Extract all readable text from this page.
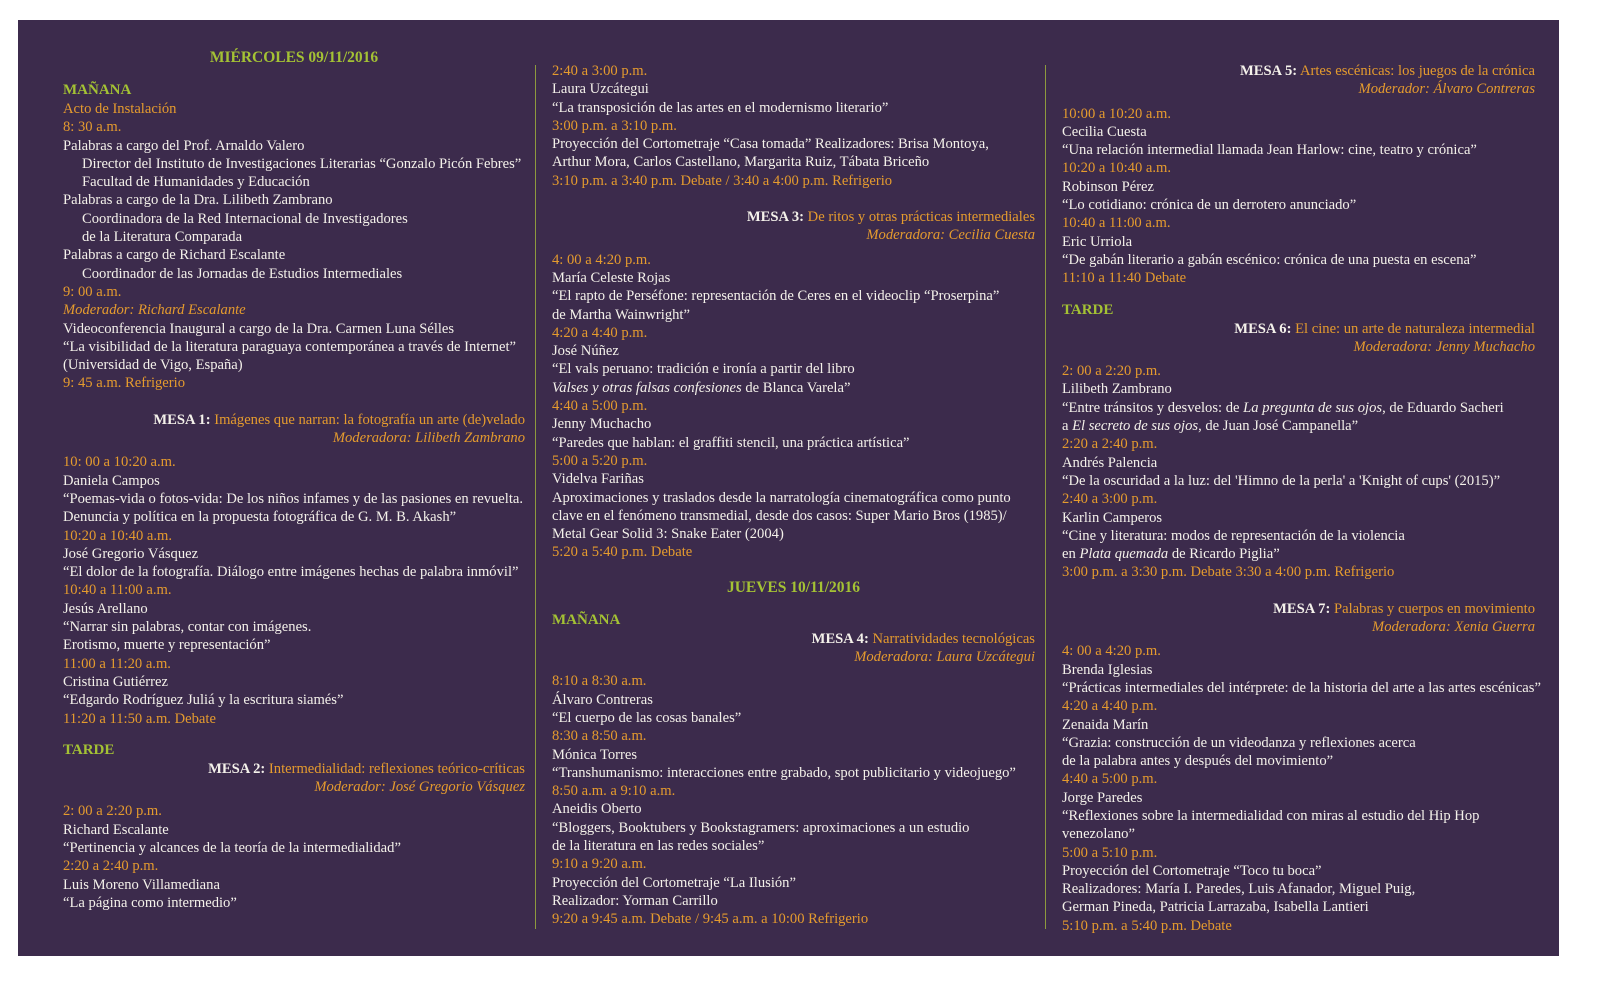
MIÉRCOLES 09/11/2016
MAÑANA
Acto de Instalación
8: 30 a.m.
Palabras a cargo del Prof. Arnaldo Valero
Director del Instituto de Investigaciones Literarias “Gonzalo Picón Febres”
Facultad de Humanidades y Educación
Palabras a cargo de la Dra. Lilibeth Zambrano
Coordinadora de la Red Internacional de Investigadores
de la Literatura Comparada
Palabras a cargo de Richard Escalante
Coordinador de las Jornadas de Estudios Intermediales
9: 00 a.m.
Moderador: Richard Escalante
Videoconferencia Inaugural a cargo de la Dra. Carmen Luna Sélles
“La visibilidad de la literatura paraguaya contemporánea a través de Internet”
(Universidad de Vigo, España)
9: 45 a.m. Refrigerio
MESA 1: Imágenes que narran: la fotografía un arte (de)velado
Moderadora: Lilibeth Zambrano
10: 00 a 10:20 a.m.
Daniela Campos
“Poemas-vida o fotos-vida: De los niños infames y de las pasiones en revuelta.
Denuncia y política en la propuesta fotográfica de G. M. B. Akash”
10:20 a 10:40 a.m.
José Gregorio Vásquez
“El dolor de la fotografía. Diálogo entre imágenes hechas de palabra inmóvil”
10:40 a 11:00 a.m.
Jesús Arellano
“Narrar sin palabras, contar con imágenes.
Erotismo, muerte y representación”
11:00 a 11:20 a.m.
Cristina Gutiérrez
“Edgardo Rodríguez Juliá y la escritura siamés”
11:20 a 11:50 a.m. Debate
TARDE
MESA 2: Intermedialidad: reflexiones teórico-críticas
Moderador: José Gregorio Vásquez
2: 00 a 2:20 p.m.
Richard Escalante
“Pertinencia y alcances de la teoría de la intermedialidad”
2:20 a 2:40 p.m.
Luis Moreno Villamediana
“La página como intermedio”
2:40 a 3:00 p.m.
Laura Uzcátegui
“La transposición de las artes en el modernismo literario”
3:00 p.m. a 3:10 p.m.
Proyección del Cortometraje “Casa tomada” Realizadores: Brisa Montoya,
Arthur Mora, Carlos Castellano, Margarita Ruiz, Tábata Briceño
3:10 p.m. a 3:40 p.m. Debate / 3:40 a 4:00 p.m. Refrigerio
MESA 3: De ritos y otras prácticas intermediales
Moderadora: Cecilia Cuesta
4: 00 a 4:20 p.m.
María Celeste Rojas
“El rapto de Perséfone: representación de Ceres en el videoclip “Proserpina”
de Martha Wainwright”
4:20 a 4:40 p.m.
José Núñez
“El vals peruano: tradición e ironía a partir del libro
Valses y otras falsas confesiones de Blanca Varela”
4:40 a 5:00 p.m.
Jenny Muchacho
“Paredes que hablan: el graffiti stencil, una práctica artística”
5:00 a 5:20 p.m.
Videlva Fariñas
Aproximaciones y traslados desde la narratología cinematográfica como punto
clave en el fenómeno transmedial, desde dos casos: Super Mario Bros (1985)/
Metal Gear Solid 3: Snake Eater (2004)
5:20 a 5:40 p.m. Debate
JUEVES 10/11/2016
MAÑANA
MESA 4: Narratividades tecnológicas
Moderadora: Laura Uzcátegui
8:10 a 8:30 a.m.
Álvaro Contreras
“El cuerpo de las cosas banales”
8:30 a 8:50 a.m.
Mónica Torres
“Transhumanismo: interacciones entre grabado, spot publicitario y videojuego”
8:50 a.m. a 9:10 a.m.
Aneidis Oberto
“Bloggers, Booktubers y Bookstagramers: aproximaciones a un estudio
de la literatura en las redes sociales”
9:10 a 9:20 a.m.
Proyección del Cortometraje “La Ilusión”
Realizador: Yorman Carrillo
9:20 a 9:45 a.m. Debate / 9:45 a.m. a 10:00 Refrigerio
MESA 5: Artes escénicas: los juegos de la crónica
Moderador: Álvaro Contreras
10:00 a 10:20 a.m.
Cecilia Cuesta
“Una relación intermedial llamada Jean Harlow: cine, teatro y crónica”
10:20 a 10:40 a.m.
Robinson Pérez
“Lo cotidiano: crónica de un derrotero anunciado”
10:40 a 11:00 a.m.
Eric Urriola
“De gabán literario a gabán escénico: crónica de una puesta en escena”
11:10 a 11:40 Debate
TARDE
MESA 6: El cine: un arte de naturaleza intermedial
Moderadora: Jenny Muchacho
2: 00 a 2:20 p.m.
Lilibeth Zambrano
“Entre tránsitos y desvelos: de La pregunta de sus ojos, de Eduardo Sacheri
a El secreto de sus ojos, de Juan José Campanella”
2:20 a 2:40 p.m.
Andrés Palencia
“De la oscuridad a la luz: del 'Himno de la perla' a 'Knight of cups' (2015)”
2:40 a 3:00 p.m.
Karlin Camperos
“Cine y literatura: modos de representación de la violencia
en Plata quemada de Ricardo Piglia”
3:00 p.m. a 3:30 p.m. Debate 3:30 a 4:00 p.m. Refrigerio
MESA 7: Palabras y cuerpos en movimiento
Moderadora: Xenia Guerra
4: 00 a 4:20 p.m.
Brenda Iglesias
“Prácticas intermediales del intérprete: de la historia del arte a las artes escénicas”
4:20 a 4:40 p.m.
Zenaida Marín
“Grazia: construcción de un videodanza y reflexiones acerca
de la palabra antes y después del movimiento”
4:40 a 5:00 p.m.
Jorge Paredes
“Reflexiones sobre la intermedialidad con miras al estudio del Hip Hop
venezolano”
5:00 a 5:10 p.m.
Proyección del Cortometraje “Toco tu boca”
Realizadores: María I. Paredes, Luis Afanador, Miguel Puig,
German Pineda, Patricia Larrazaba, Isabella Lantieri
5:10 p.m. a 5:40 p.m. Debate
